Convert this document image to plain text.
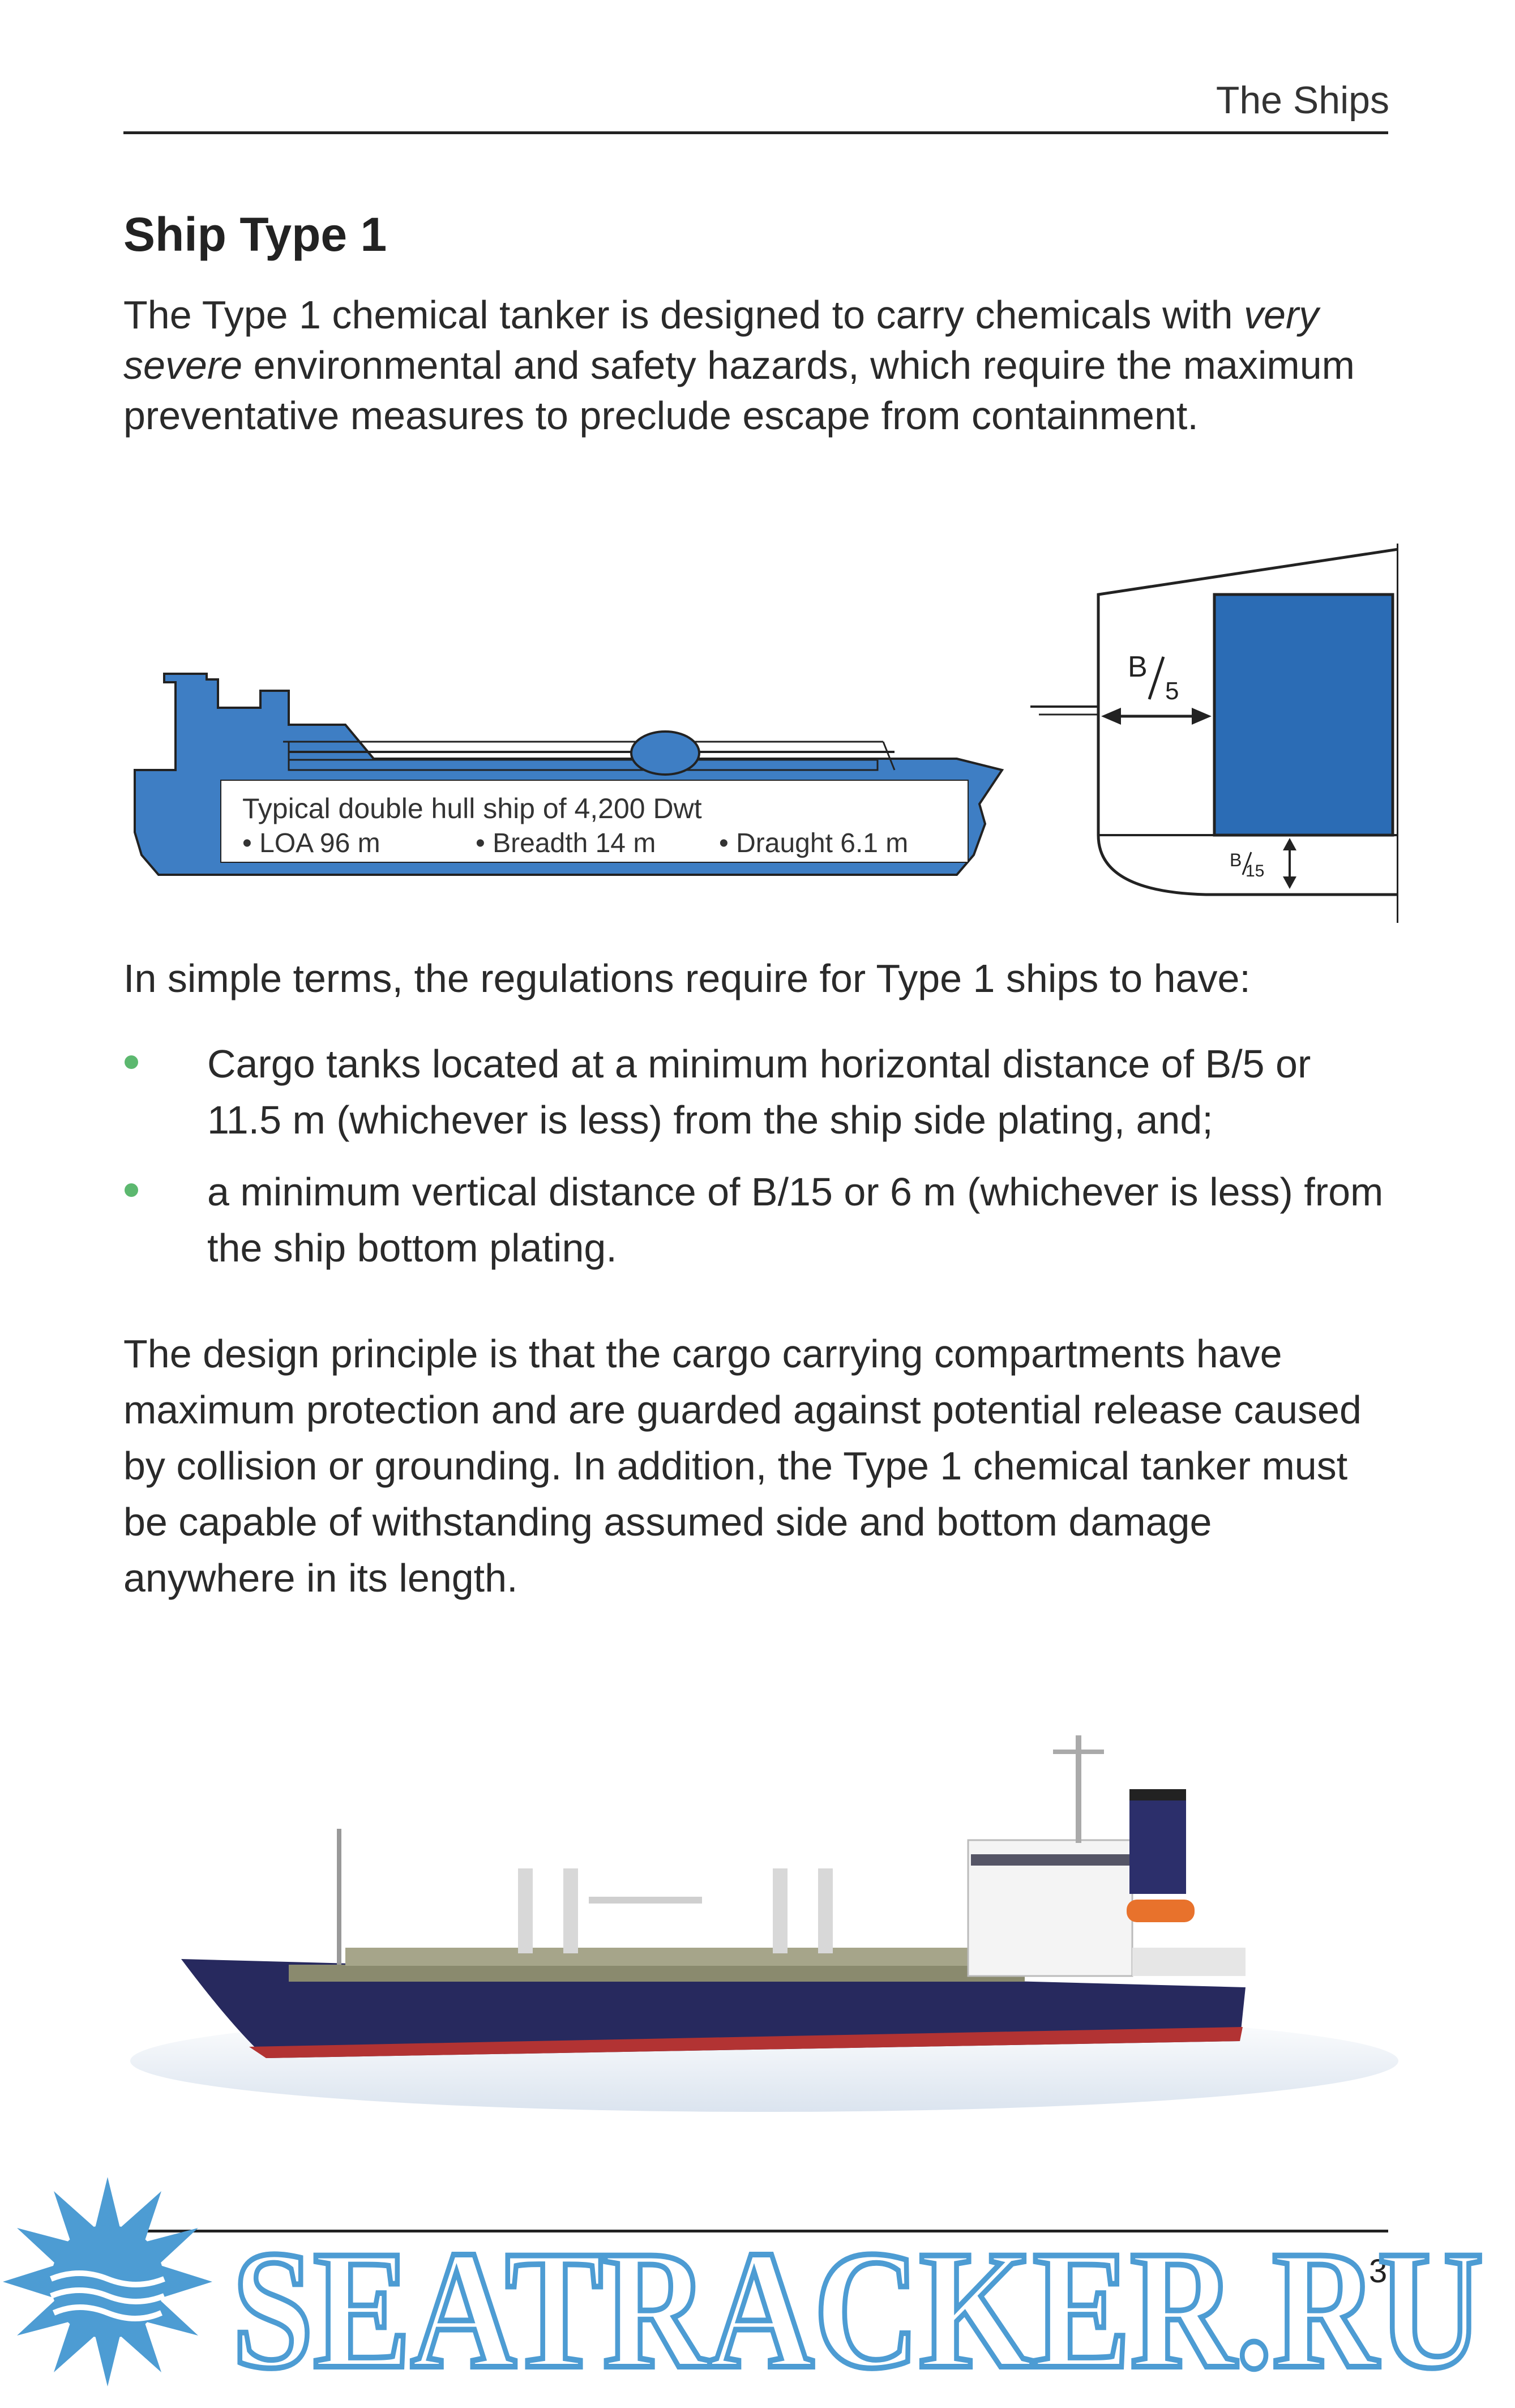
The Ships
Ship Type 1

The Type 1 chemical tanker is designed to carry chemicals with very severe environmental and safety hazards, which require the maximum preventative measures to preclude escape from containment.

Typical double hull ship of 4,200 Dwt
• LOA 96 m	• Breadth 14 m • Draught 6.1 m
B
5
B
15

In simple terms, the regulations require for Type 1 ships to have:

Cargo tanks located at a minimum horizontal distance of B/5 or 11.5 m (whichever is less) from the ship side plating, and;
a minimum vertical distance of B/15 or 6 m (whichever is less) from the ship bottom plating.

The design principle is that the cargo carrying compartments have maximum protection and are guarded against potential release caused by collision or grounding. In addition, the Type 1 chemical tanker must be capable of withstanding assumed side and bottom damage anywhere in its length.

3
SEATRACKER.RU
